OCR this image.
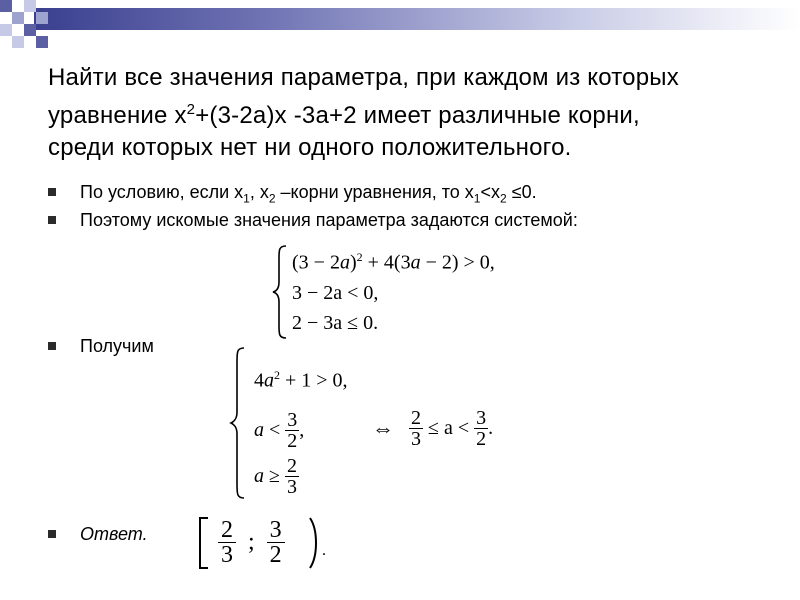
Найти все значения параметра, при каждом из которых
уравнение $x^2+(3-2a)x$ -3a+2 имеет различные корни,
среди которых нет ни одного положительного.
По условию, если $x_1$, $x_2$ –корни уравнения, то $x_1<x_2 \le 0$.
Поэтому искомые значения параметра задаются системой:
Получим
Ответ.
$(3 - 2a)^2 + 4(3a - 2) > 0$,
3 − 2a < 0,
2 − 3a ≤ 0.
$4a^2 + 1 > 0$,
$a < \frac{3}{2}$ ,
$a \ge \frac{2}{3}$
⇔ $\frac{2}{3} \le a < \frac{3}{2}$ .
$\frac{2}{3}$ ; $\frac{3}{2}$ .
